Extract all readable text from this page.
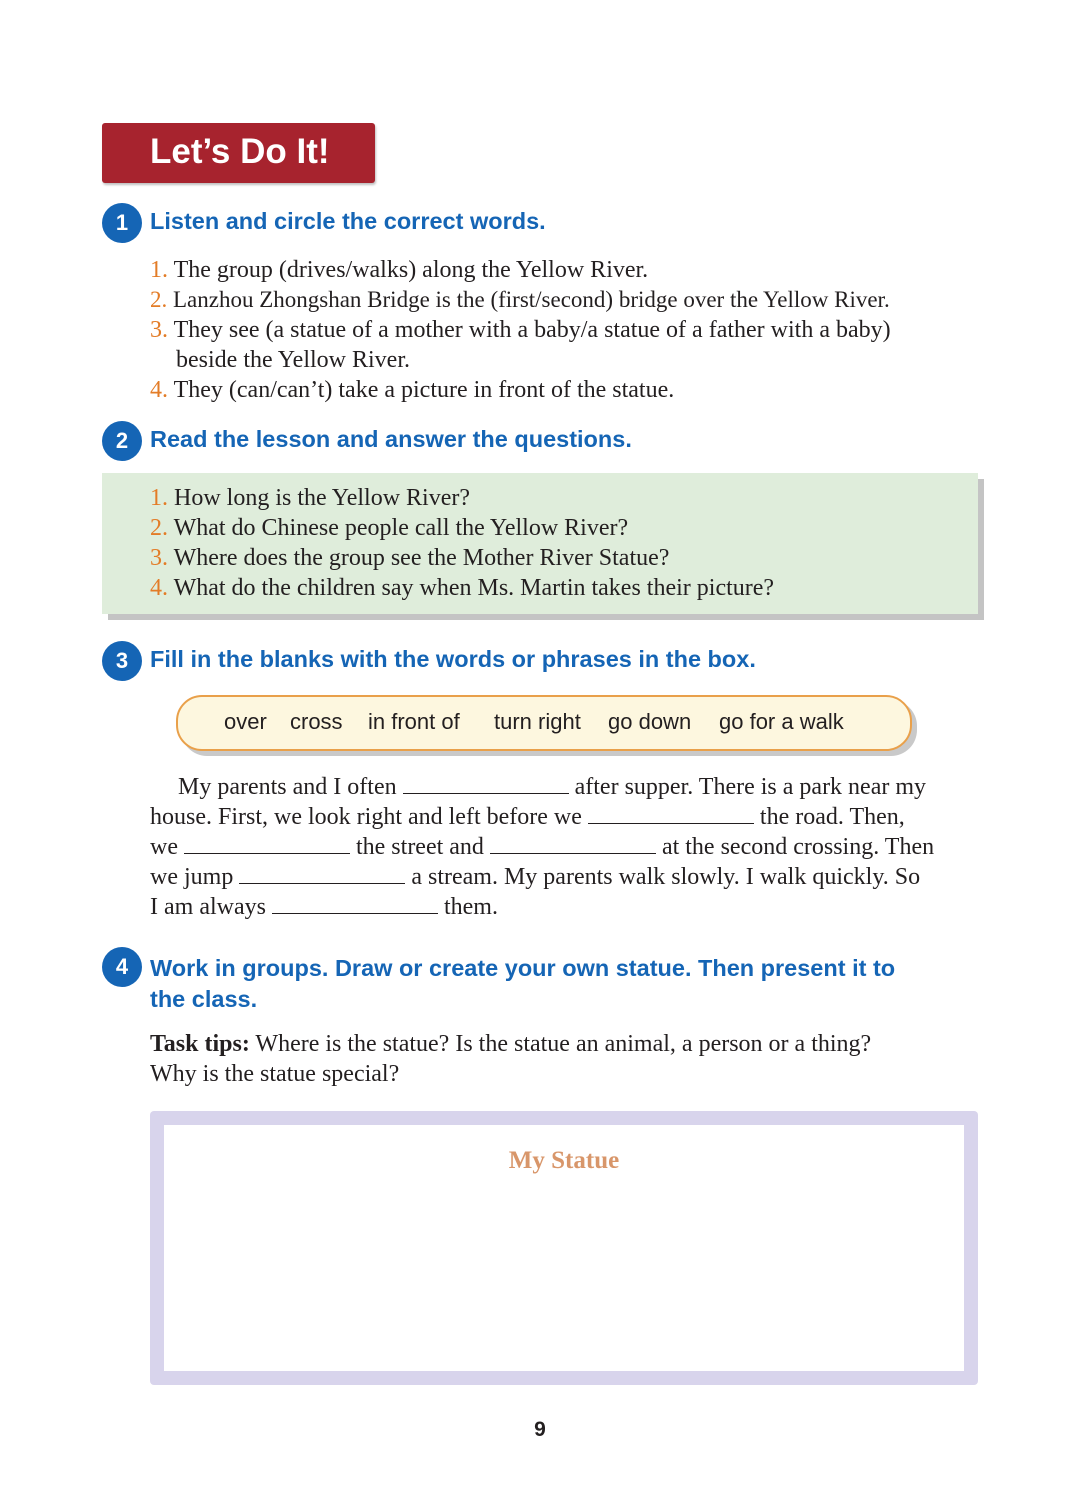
Let’s Do It!
1 Listen and circle the correct words.
1. The group (drives/walks) along the Yellow River.
2. Lanzhou Zhongshan Bridge is the (first/second) bridge over the Yellow River.
3. They see (a statue of a mother with a baby/a statue of a father with a baby)
beside the Yellow River.
4. They (can/can’t) take a picture in front of the statue.
2 Read the lesson and answer the questions.
1. How long is the Yellow River?
2. What do Chinese people call the Yellow River?
3. Where does the group see the Mother River Statue?
4. What do the children say when Ms. Martin takes their picture?
3 Fill in the blanks with the words or phrases in the box.
over cross in front of turn right go down go for a walk
My parents and I often	after supper. There is a park near my
house. First, we look right and left before we	the road. Then,
we	the street and	at the second crossing. Then
we jump	a stream. My parents walk slowly. I walk quickly. So
I am always	them.
4 Work in groups. Draw or create your own statue. Then present it to
the class.
Task tips: Where is the statue? Is the statue an animal, a person or a thing?
Why is the statue special?
My Statue
9
